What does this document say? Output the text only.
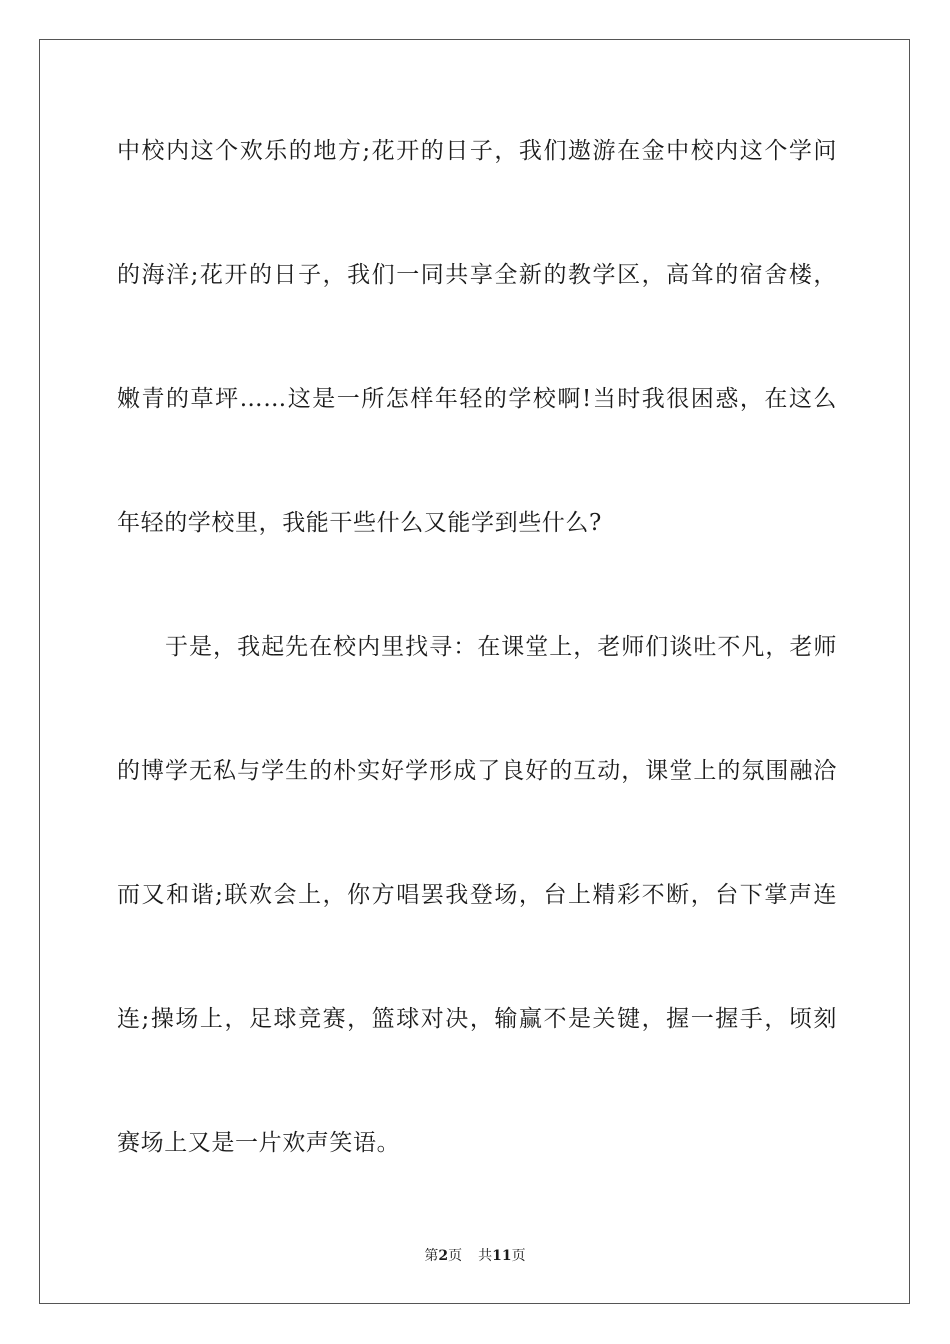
中校内这个欢乐的地方;花开的日子，我们遨游在金中校内这个学问
的海洋;花开的日子，我们一同共享全新的教学区，高耸的宿舍楼，
嫩青的草坪……这是一所怎样年轻的学校啊!当时我很困惑，在这么
年轻的学校里，我能干些什么又能学到些什么?
　　于是，我起先在校内里找寻：在课堂上，老师们谈吐不凡，老师
的博学无私与学生的朴实好学形成了良好的互动，课堂上的氛围融洽
而又和谐;联欢会上，你方唱罢我登场，台上精彩不断，台下掌声连
连;操场上，足球竞赛，篮球对决，输赢不是关键，握一握手，顷刻
赛场上又是一片欢声笑语。
第2页 共11页
